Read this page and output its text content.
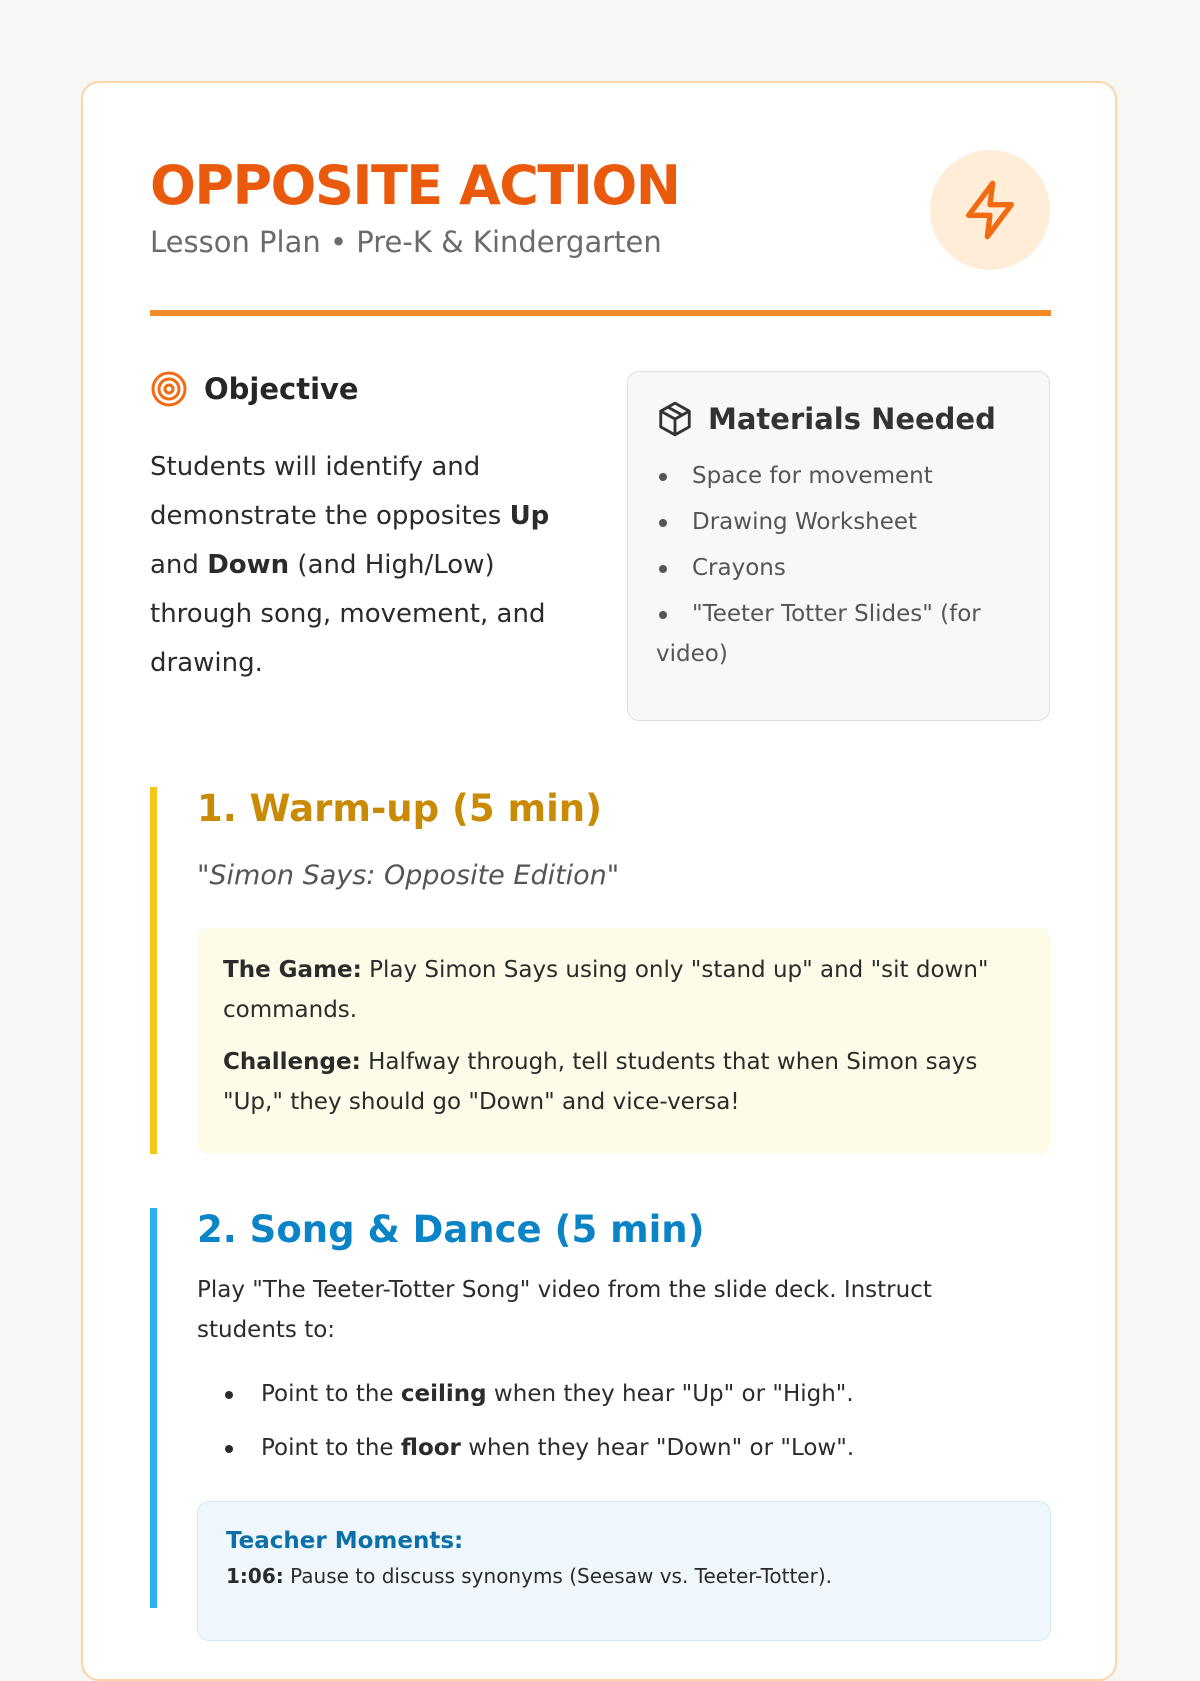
OPPOSITE ACTION

Lesson Plan • Pre-K & Kindergarten

Objective

Students will identify and demonstrate the opposites Up and Down (and High/Low) through song, movement, and drawing.

Materials Needed
Space for movement
Drawing Worksheet
Crayons
"Teeter Totter Slides" (for video)
1. Warm-up (5 min)

"Simon Says: Opposite Edition"

The Game: Play Simon Says using only "stand up" and "sit down" commands.

Challenge: Halfway through, tell students that when Simon says "Up," they should go "Down" and vice-versa!

2. Song & Dance (5 min)

Play "The Teeter-Totter Song" video from the slide deck. Instruct students to:

Point to the ceiling when they hear "Up" or "High".
Point to the floor when they hear "Down" or "Low".
Teacher Moments:

1:06: Pause to discuss synonyms (Seesaw vs. Teeter-Totter).
